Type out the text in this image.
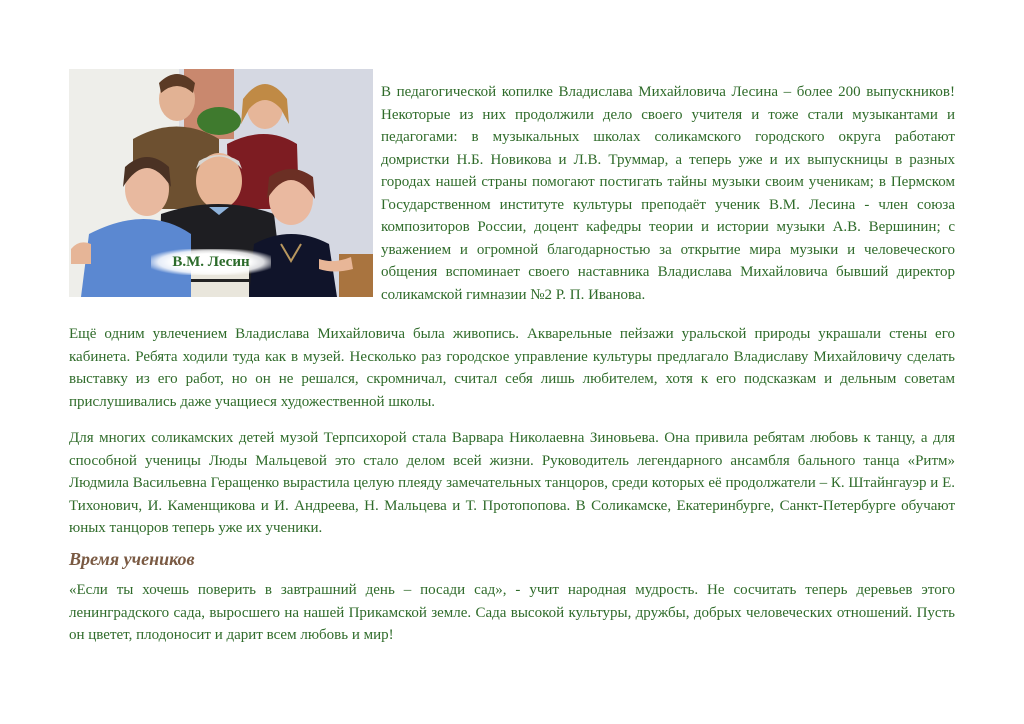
В.М. Лесин

В педагогической копилке Владислава Михайловича Лесина – более 200 выпускников! Некоторые из них продолжили дело своего учителя и тоже стали музыкантами и педагогами: в музыкальных школах соликамского городского округа работают домристки Н.Б. Новикова и Л.В. Труммар, а теперь уже и их выпускницы в разных городах нашей страны помогают постигать тайны музыки своим ученикам; в Пермском Государственном институте культуры преподаёт ученик В.М. Лесина - член союза композиторов России, доцент кафедры теории и истории музыки А.В. Вершинин; с уважением и огромной благодарностью за открытие мира музыки и человеческого общения вспоминает своего наставника Владислава Михайловича бывший директор соликамской гимназии №2 Р. П. Иванова.

Ещё одним увлечением Владислава Михайловича была живопись. Акварельные пейзажи уральской природы украшали стены его кабинета. Ребята ходили туда как в музей. Несколько раз городское управление культуры предлагало Владиславу Михайловичу сделать выставку из его работ, но он не решался, скромничал, считал себя лишь любителем, хотя к его подсказкам и дельным советам прислушивались даже учащиеся художественной школы.

Для многих соликамских детей музой Терпсихорой стала Варвара Николаевна Зиновьева. Она привила ребятам любовь к танцу, а для способной ученицы Люды Мальцевой это стало делом всей жизни. Руководитель легендарного ансамбля бального танца «Ритм» Людмила Васильевна Геращенко вырастила целую плеяду замечательных танцоров, среди которых её продолжатели – К. Штайнгауэр и Е. Тихонович, И. Каменщикова и И. Андреева, Н. Мальцева и Т. Протопопова. В Соликамске, Екатеринбурге, Санкт-Петербурге обучают юных танцоров теперь уже их ученики.

Время учеников

«Если ты хочешь поверить в завтрашний день – посади сад», - учит народная мудрость. Не сосчитать теперь деревьев этого ленинградского сада, выросшего на нашей Прикамской земле. Сада высокой культуры, дружбы, добрых человеческих отношений. Пусть он цветет, плодоносит и дарит всем любовь и мир!
